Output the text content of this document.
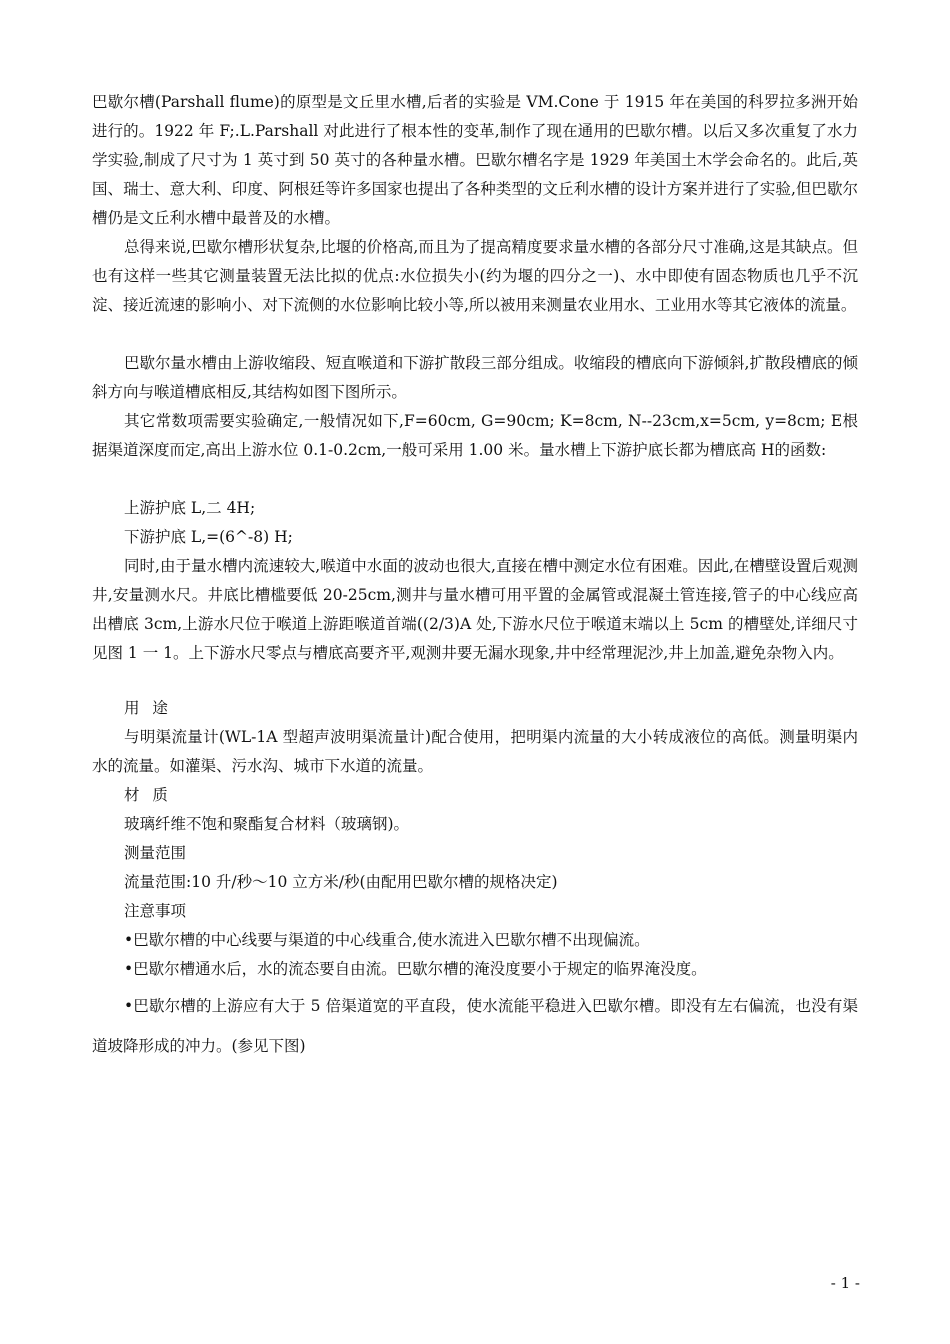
巴歇尔槽(Parshall flume)的原型是文丘里水槽,后者的实验是 VM.Cone 于 1915 年在美国的科罗拉多洲开始进行的。1922 年 F;.L.Parshall 对此进行了根本性的变革,制作了现在通用的巴歇尔槽。以后又多次重复了水力学实验,制成了尺寸为 1 英寸到 50 英寸的各种量水槽。巴歇尔槽名字是 1929 年美国土木学会命名的。此后,英国、瑞士、意大利、印度、阿根廷等许多国家也提出了各种类型的文丘利水槽的设计方案并进行了实验,但巴歇尔槽仍是文丘利水槽中最普及的水槽。

总得来说,巴歇尔槽形状复杂,比堰的价格高,而且为了提高精度要求量水槽的各部分尺寸准确,这是其缺点。但也有这样一些其它测量装置无法比拟的优点:水位损失小(约为堰的四分之一)、水中即使有固态物质也几乎不沉淀、接近流速的影响小、对下流侧的水位影响比较小等,所以被用来测量农业用水、工业用水等其它液体的流量。

巴歇尔量水槽由上游收缩段、短直喉道和下游扩散段三部分组成。收缩段的槽底向下游倾斜,扩散段槽底的倾斜方向与喉道槽底相反,其结构如图下图所示。

其它常数项需要实验确定,一般情况如下,F=60cm, G=90cm; K=8cm, N--23cm,x=5cm, y=8cm; E根据渠道深度而定,高出上游水位 0.1-0.2cm,一般可采用 1.00 米。量水槽上下游护底长都为槽底高 H的函数:

上游护底 L,二 4H;

下游护底 L,=(6^-8) H;

同时,由于量水槽内流速较大,喉道中水面的波动也很大,直接在槽中测定水位有困难。因此,在槽壁设置后观测井,安量测水尺。井底比槽槛要低 20-25cm,测井与量水槽可用平置的金属管或混凝土管连接,管子的中心线应高出槽底 3cm,上游水尺位于喉道上游距喉道首端((2/3)A 处,下游水尺位于喉道末端以上 5cm 的槽壁处,详细尺寸见图 1 一 1。上下游水尺零点与槽底高要齐平,观测井要无漏水现象,井中经常理泥沙,井上加盖,避免杂物入内。

用 途

与明渠流量计(WL-1A 型超声波明渠流量计)配合使用，把明渠内流量的大小转成液位的高低。测量明渠内水的流量。如灌渠、污水沟、城市下水道的流量。

材 质

玻璃纤维不饱和聚酯复合材料（玻璃钢)。

测量范围

流量范围:10 升/秒～10 立方米/秒(由配用巴歇尔槽的规格决定)

注意事项

•巴歇尔槽的中心线要与渠道的中心线重合,使水流进入巴歇尔槽不出现偏流。

•巴歇尔槽通水后，水的流态要自由流。巴歇尔槽的淹没度要小于规定的临界淹没度。

•巴歇尔槽的上游应有大于 5 倍渠道宽的平直段，使水流能平稳进入巴歇尔槽。即没有左右偏流，也没有渠道坡降形成的冲力。(参见下图)

- 1 -
